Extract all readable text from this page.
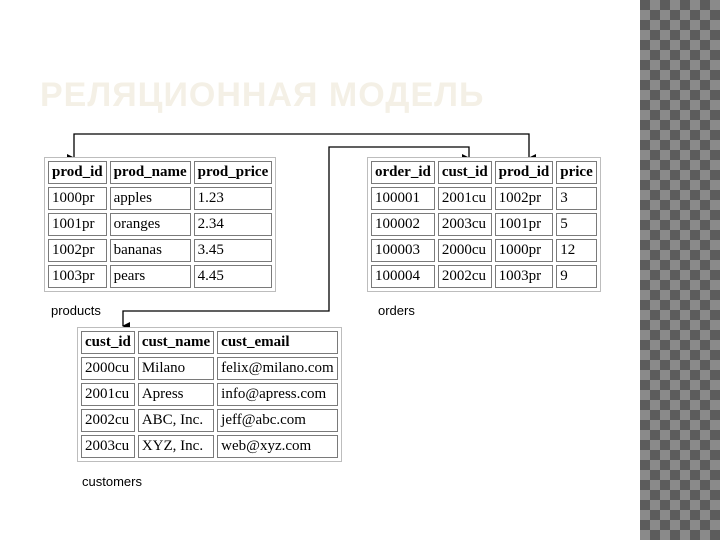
РЕЛЯЦИОННАЯ МОДЕЛЬ
prod_id	prod_name	prod_price
1000pr	apples	1.23
1001pr	oranges	2.34
1002pr	bananas	3.45
1003pr	pears	4.45
products
order_id	cust_id	prod_id	price
100001	2001cu	1002pr	3
100002	2003cu	1001pr	5
100003	2000cu	1000pr	12
100004	2002cu	1003pr	9
orders
cust_id	cust_name	cust_email
2000cu	Milano	felix@milano.com
2001cu	Apress	info@apress.com
2002cu	ABC, Inc.	jeff@abc.com
2003cu	XYZ, Inc.	web@xyz.com
customers
